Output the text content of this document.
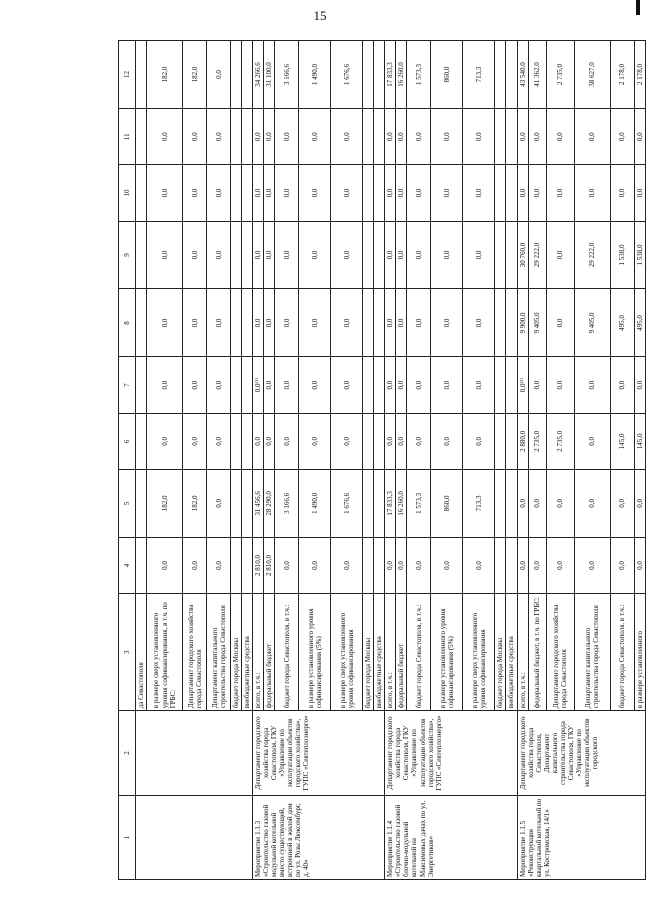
15
1	2	3	4	5	6	7	8	9	10	11	12
		да Севастополя									
		в размере сверх установленного уровня софинансирования, в т.ч. по ГРБС:	0,0	182,0	0,0	0,0	0,0	0,0	0,0	0,0	182,0
		Департамент городского хозяйства города Севастополя	0,0	182,0	0,0	0,0	0,0	0,0	0,0	0,0	182,0
		Департамент капитального строительства города Севастополя	0,0	0,0	0,0	0,0	0,0	0,0	0,0	0,0	0,0
		бюджет города Москвы									
		внебюджетные средства									
Мероприятие 1.1.3 «Строительство газовой модульной котельной вместо существующей, встроенной в жилой дом по ул. Розы Люксембург, д. 40»	Департамент городского хозяйства города Севастополя, ГКУ «Управление по эксплуатации объектов городского хозяйства», ГУПС «Севтеплоэнерго»	всего, в т.ч.:	2 810,0	31 456,6	0,0	0,0⁽¹⁾	0,0	0,0	0,0	0,0	34 266,6
		федеральный бюджет	2 810,0	28 290,0	0,0	0,0	0,0	0,0	0,0	0,0	31 100,0
		бюджет города Севастополя, в т.ч.:	0,0	3 166,6	0,0	0,0	0,0	0,0	0,0	0,0	3 166,6
		в размере установленного уровня софинансирования (5%)	0,0	1 490,0	0,0	0,0	0,0	0,0	0,0	0,0	1 490,0
		в размере сверх установленного уровня софинансирования	0,0	1 676,6	0,0	0,0	0,0	0,0	0,0	0,0	1 676,6
		бюджет города Москвы									
		внебюджетные средства									
Мероприятие 1.1.4 «Строительство газовой блочно-модульной котельной на Максимовых дачах по ул. Энергетиков»	Департамент городского хозяйства города Севастополя, ГКУ «Управление по эксплуатации объектов городского хозяйства», ГУПС «Севтеплоэнерго»	всего, в т.ч.:	0,0	17 833,3	0,0	0,0	0,0	0,0	0,0	0,0	17 833,3
		федеральный бюджет	0,0	16 260,0	0,0	0,0	0,0	0,0	0,0	0,0	16 260,0
		бюджет города Севастополя, в т.ч.:	0,0	1 573,3	0,0	0,0	0,0	0,0	0,0	0,0	1 573,3
		в размере установленного уровня софинансирования (5%)	0,0	860,0	0,0	0,0	0,0	0,0	0,0	0,0	860,0
		в размере сверх установленного уровня софинансирования	0,0	713,3	0,0	0,0	0,0	0,0	0,0	0,0	713,3
		бюджет города Москвы									
		внебюджетные средства									
Мероприятие 1.1.5 «Реконструкция квартальной котельной по ул. Костромская, 14/1»	Департамент городского хозяйства города Севастополя, Департамент капитального строительства города Севастополя, ГКУ «Управление по эксплуатации объектов городского	всего, в т.ч.:	0,0	0,0	2 880,0	0,0⁽²⁾	9 900,0	30 760,0	0,0	0,0	43 540,0
		федеральный бюджет, в т.ч. по ГРБС:	0,0	0,0	2 735,0	0,0	9 405,0	29 222,0	0,0	0,0	41 362,0
		Департамент городского хозяйства города Севастополя	0,0	0,0	2 735,0	0,0	0,0	0,0	0,0	0,0	2 735,0
		Департамент капитального строительства города Севастополя	0,0	0,0	0,0	0,0	9 405,0	29 222,0	0,0	0,0	38 627,0
		бюджет города Севастополя, в т.ч.:	0,0	0,0	145,0	0,0	495,0	1 538,0	0,0	0,0	2 178,0
		в размере установленного	0,0	0,0	145,0	0,0	495,0	1 538,0	0,0	0,0	2 178,0
